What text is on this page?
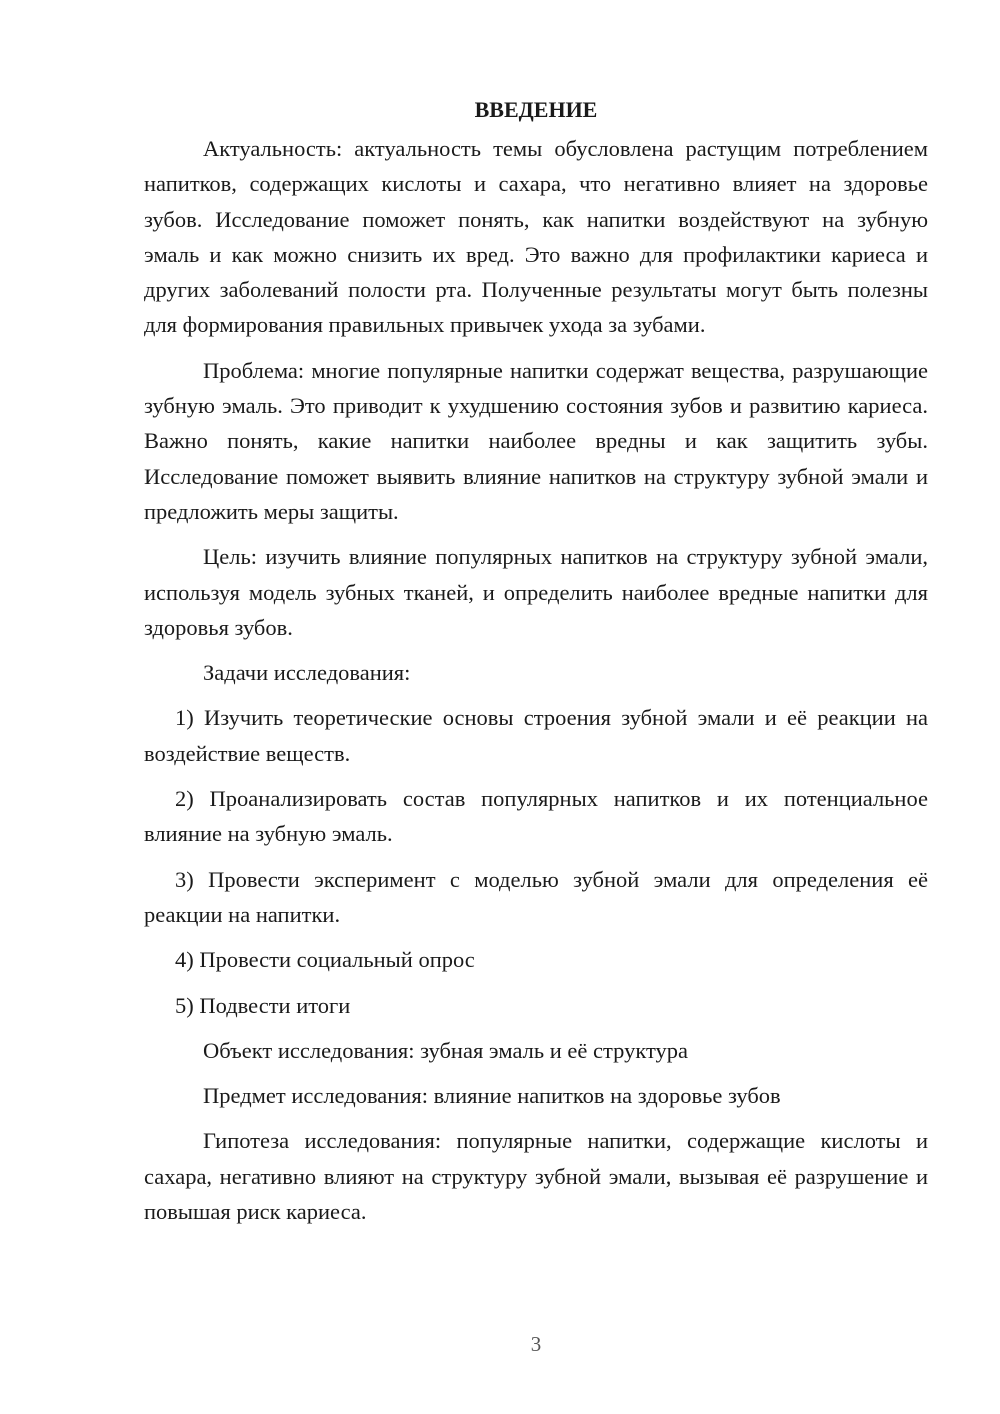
ВВЕДЕНИЕ

Актуальность: актуальность темы обусловлена растущим потреблением напитков, содержащих кислоты и сахара, что негативно влияет на здоровье зубов. Исследование поможет понять, как напитки воздействуют на зубную эмаль и как можно снизить их вред. Это важно для профилактики кариеса и других заболеваний полости рта. Полученные результаты могут быть полезны для формирования правильных привычек ухода за зубами.

Проблема: многие популярные напитки содержат вещества, разрушающие зубную эмаль. Это приводит к ухудшению состояния зубов и развитию кариеса. Важно понять, какие напитки наиболее вредны и как защитить зубы. Исследование поможет выявить влияние напитков на структуру зубной эмали и предложить меры защиты.

Цель: изучить влияние популярных напитков на структуру зубной эмали, используя модель зубных тканей, и определить наиболее вредные напитки для здоровья зубов.

Задачи исследования:

1) Изучить теоретические основы строения зубной эмали и её реакции на воздействие веществ.

2) Проанализировать состав популярных напитков и их потенциальное влияние на зубную эмаль.

3) Провести эксперимент с моделью зубной эмали для определения её реакции на напитки.

4) Провести социальный опрос

5) Подвести итоги

Объект исследования: зубная эмаль и её структура

Предмет исследования: влияние напитков на здоровье зубов

Гипотеза исследования: популярные напитки, содержащие кислоты и сахара, негативно влияют на структуру зубной эмали, вызывая её разрушение и повышая риск кариеса.

3
